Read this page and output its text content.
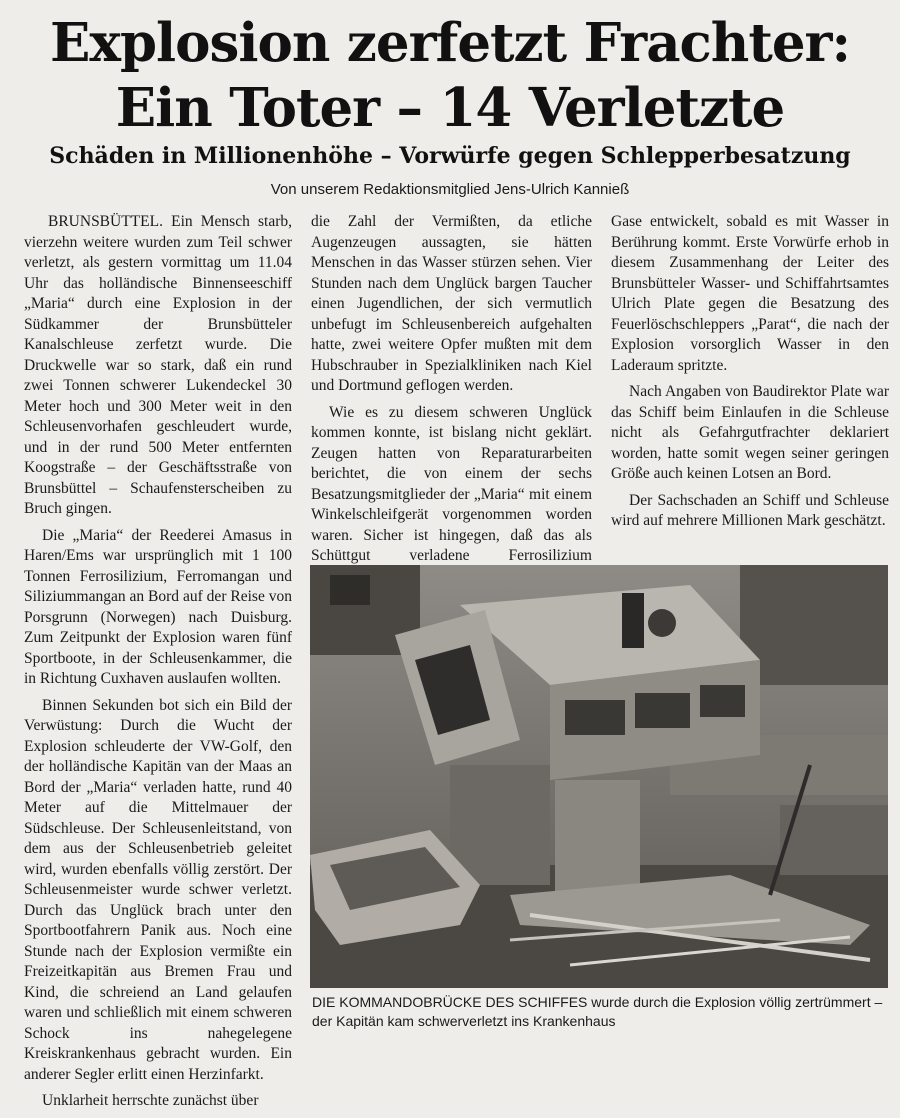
Explosion zerfetzt Frachter:
Ein Toter – 14 Verletzte
Schäden in Millionenhöhe – Vorwürfe gegen Schlepperbesatzung
Von unserem Redaktionsmitglied Jens-Ulrich Kannieß

BRUNSBÜTTEL. Ein Mensch starb, vierzehn weitere wurden zum Teil schwer verletzt, als gestern vormittag um 11.04 Uhr das holländische Binnenseeschiff „Maria“ durch eine Explosion in der Südkammer der Brunsbütteler Kanalschleuse zerfetzt wurde. Die Druckwelle war so stark, daß ein rund zwei Tonnen schwerer Lukendeckel 30 Meter hoch und 300 Meter weit in den Schleusenvorhafen geschleudert wurde, und in der rund 500 Meter entfernten Koogstraße – der Geschäftsstraße von Brunsbüttel – Schaufensterscheiben zu Bruch gingen.

Die „Maria“ der Reederei Amasus in Haren/Ems war ursprünglich mit 1 100 Tonnen Ferrosilizium, Ferromangan und Siliziummangan an Bord auf der Reise von Porsgrunn (Norwegen) nach Duisburg. Zum Zeitpunkt der Explosion waren fünf Sportboote, in der Schleusenkammer, die in Richtung Cuxhaven auslaufen wollten.

Binnen Sekunden bot sich ein Bild der Verwüstung: Durch die Wucht der Explosion schleuderte der VW-Golf, den der holländische Kapitän van der Maas an Bord der „Maria“ verladen hatte, rund 40 Meter auf die Mittelmauer der Südschleuse. Der Schleusenleitstand, von dem aus der Schleusenbetrieb geleitet wird, wurden ebenfalls völlig zerstört. Der Schleusenmeister wurde schwer verletzt. Durch das Unglück brach unter den Sportbootfahrern Panik aus. Noch eine Stunde nach der Explosion vermißte ein Freizeitkapitän aus Bremen Frau und Kind, die schreiend an Land gelaufen waren und schließlich mit einem schweren Schock ins nahegelegene Kreiskrankenhaus gebracht wurden. Ein anderer Segler erlitt einen Herzinfarkt.

Unklarheit herrschte zunächst über

die Zahl der Vermißten, da etliche Augenzeugen aussagten, sie hätten Menschen in das Wasser stürzen sehen. Vier Stunden nach dem Unglück bargen Taucher einen Jugendlichen, der sich vermutlich unbefugt im Schleusenbereich aufgehalten hatte, zwei weitere Opfer mußten mit dem Hubschrauber in Spezialkliniken nach Kiel und Dortmund geflogen werden.

Wie es zu diesem schweren Unglück kommen konnte, ist bislang nicht geklärt. Zeugen hatten von Reparaturarbeiten berichtet, die von einem der sechs Besatzungsmitglieder der „Maria“ mit einem Winkelschleifgerät vorgenommen worden waren. Sicher ist hingegen, daß das als Schüttgut verladene Ferrosilizium

Gase entwickelt, sobald es mit Wasser in Berührung kommt. Erste Vorwürfe erhob in diesem Zusammenhang der Leiter des Brunsbütteler Wasser- und Schiffahrtsamtes Ulrich Plate gegen die Besatzung des Feuerlöschschleppers „Parat“, die nach der Explosion vorsorglich Wasser in den Laderaum spritzte.

Nach Angaben von Baudirektor Plate war das Schiff beim Einlaufen in die Schleuse nicht als Gefahrgutfrachter deklariert worden, hatte somit wegen seiner geringen Größe auch keinen Lotsen an Bord.

Der Sachschaden an Schiff und Schleuse wird auf mehrere Millionen Mark geschätzt.

DIE KOMMANDOBRÜCKE DES SCHIFFES wurde durch die Explosion völlig zertrümmert – der Kapitän kam schwerverletzt ins Krankenhaus
